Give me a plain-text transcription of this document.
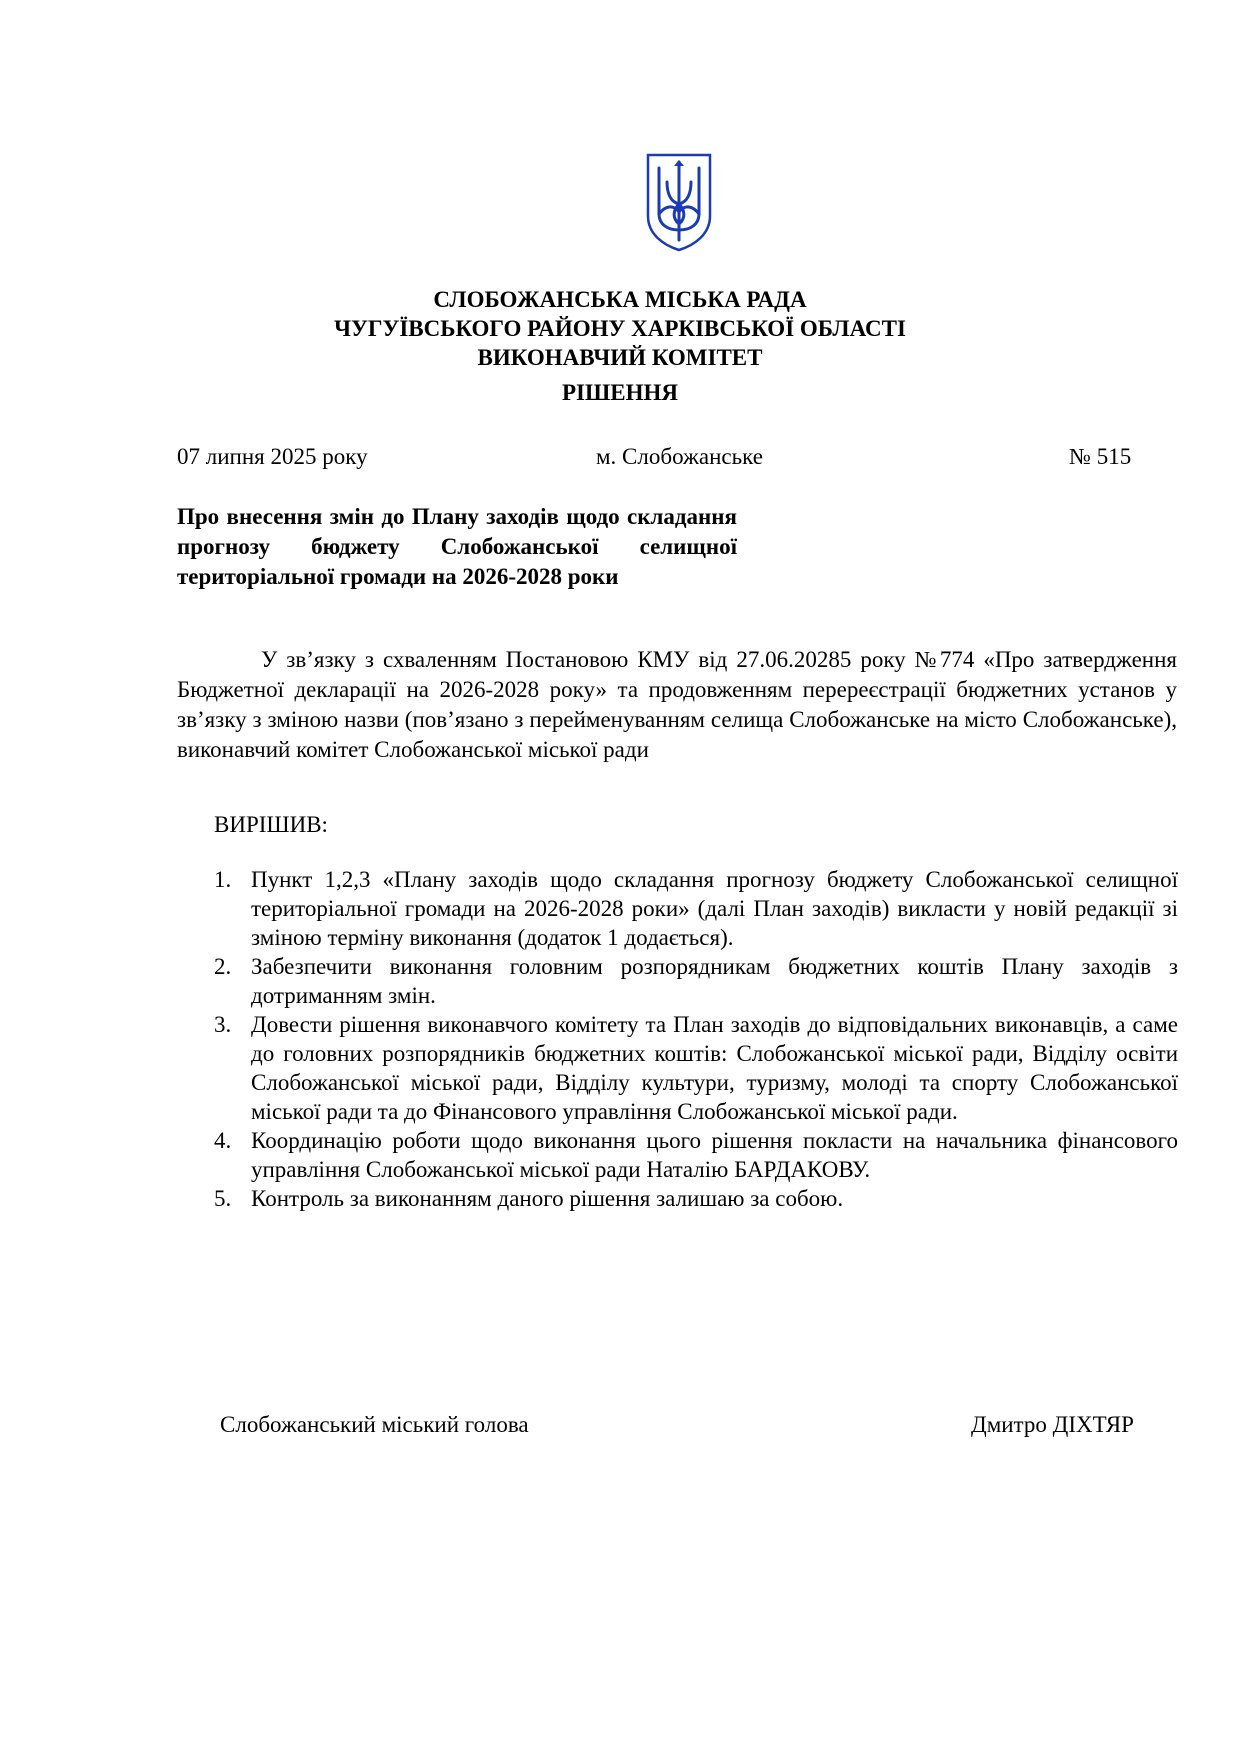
СЛОБОЖАНСЬКА МІСЬКА РАДА
ЧУГУЇВСЬКОГО РАЙОНУ ХАРКІВСЬКОЇ ОБЛАСТІ
ВИКОНАВЧИЙ КОМІТЕТ
РІШЕННЯ
07 липня 2025 року	м. Слобожанське	№ 515
Про внесення змін до Плану заходів щодо складання прогнозу бюджету Слобожанської селищної територіальної громади на 2026-2028 роки
У зв’язку з схваленням Постановою КМУ від 27.06.20285 року №774 «Про затвердження Бюджетної декларації на 2026-2028 року» та продовженням перереєстрації бюджетних установ у зв’язку з зміною назви (пов’язано з перейменуванням селища Слобожанське на місто Слобожанське), виконавчий комітет Слобожанської міської ради
ВИРІШИВ:
1. Пункт 1,2,3 «Плану заходів щодо складання прогнозу бюджету Слобожанської селищної територіальної громади на 2026-2028 роки» (далі План заходів) викласти у новій редакції зі зміною терміну виконання (додаток 1 додається).
2. Забезпечити виконання головним розпорядникам бюджетних коштів Плану заходів з дотриманням змін.
3. Довести рішення виконавчого комітету та План заходів до відповідальних виконавців, а саме до головних розпорядників бюджетних коштів: Слобожанської міської ради, Відділу освіти Слобожанської міської ради, Відділу культури, туризму, молоді та спорту Слобожанської міської ради та до Фінансового управління Слобожанської міської ради.
4. Координацію роботи щодо виконання цього рішення покласти на начальника фінансового управління Слобожанської міської ради Наталію БАРДАКОВУ.
5. Контроль за виконанням даного рішення залишаю за собою.
Слобожанський міський голова	Дмитро ДІХТЯР
